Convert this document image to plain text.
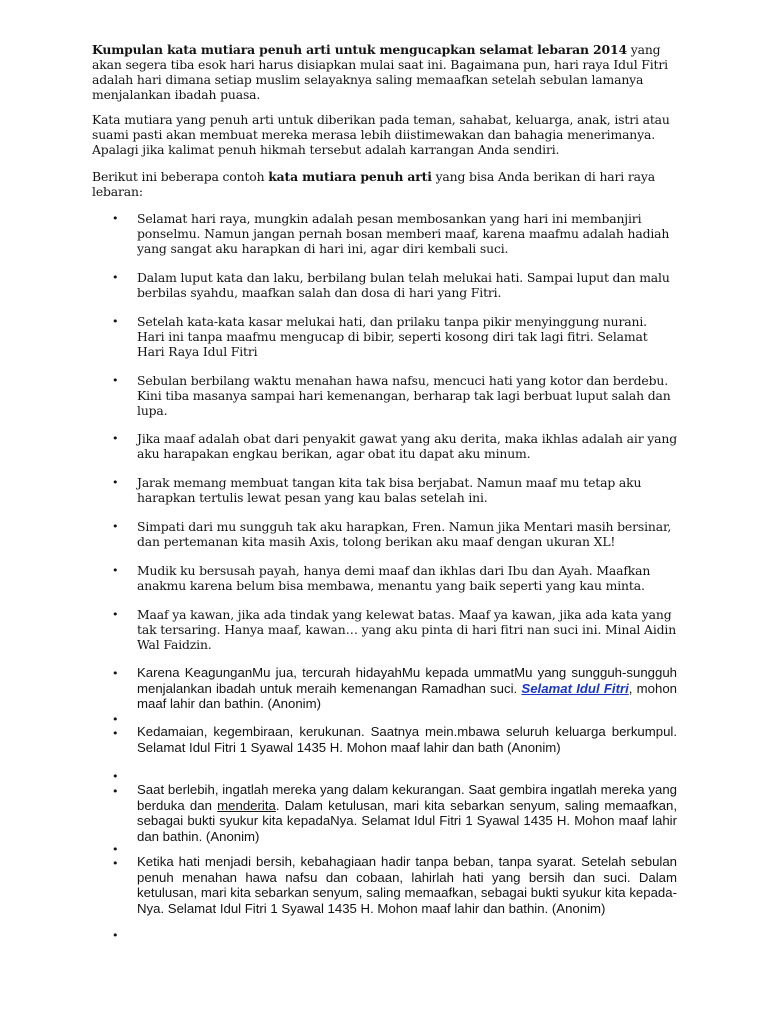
Kumpulan kata mutiara penuh arti untuk mengucapkan selamat lebaran 2014 yang akan segera tiba esok hari harus disiapkan mulai saat ini. Bagaimana pun, hari raya Idul Fitri adalah hari dimana setiap muslim selayaknya saling memaafkan setelah sebulan lamanya menjalankan ibadah puasa.

Kata mutiara yang penuh arti untuk diberikan pada teman, sahabat, keluarga, anak, istri atau suami pasti akan membuat mereka merasa lebih diistimewakan dan bahagia menerimanya. Apalagi jika kalimat penuh hikmah tersebut adalah karrangan Anda sendiri.

Berikut ini beberapa contoh kata mutiara penuh arti yang bisa Anda berikan di hari raya lebaran:

•	Selamat hari raya, mungkin adalah pesan membosankan yang hari ini membanjiri ponselmu. Namun jangan pernah bosan memberi maaf, karena maafmu adalah hadiah yang sangat aku harapkan di hari ini, agar diri kembali suci.

•	Dalam luput kata dan laku, berbilang bulan telah melukai hati. Sampai luput dan malu berbilas syahdu, maafkan salah dan dosa di hari yang Fitri.

•	Setelah kata-kata kasar melukai hati, dan prilaku tanpa pikir menyinggung nurani. Hari ini tanpa maafmu mengucap di bibir, seperti kosong diri tak lagi fitri. Selamat Hari Raya Idul Fitri

•	Sebulan berbilang waktu menahan hawa nafsu, mencuci hati yang kotor dan berdebu. Kini tiba masanya sampai hari kemenangan, berharap tak lagi berbuat luput salah dan lupa.

•	Jika maaf adalah obat dari penyakit gawat yang aku derita, maka ikhlas adalah air yang aku harapakan engkau berikan, agar obat itu dapat aku minum.

•	Jarak memang membuat tangan kita tak bisa berjabat. Namun maaf mu tetap aku harapkan tertulis lewat pesan yang kau balas setelah ini.

•	Simpati dari mu sungguh tak aku harapkan, Fren. Namun jika Mentari masih bersinar, dan pertemanan kita masih Axis, tolong berikan aku maaf dengan ukuran XL!

•	Mudik ku bersusah payah, hanya demi maaf dan ikhlas dari Ibu dan Ayah. Maafkan anakmu karena belum bisa membawa, menantu yang baik seperti yang kau minta.

•	Maaf ya kawan, jika ada tindak yang kelewat batas. Maaf ya kawan, jika ada kata yang tak tersaring. Hanya maaf, kawan… yang aku pinta di hari fitri nan suci ini. Minal Aidin Wal Faidzin.

•	Karena KeagunganMu jua, tercurah hidayahMu kepada ummatMu yang sungguh-sungguh menjalankan ibadah untuk meraih kemenangan Ramadhan suci. Selamat Idul Fitri, mohon maaf lahir dan bathin. (Anonim)

•
•	Kedamaian, kegembiraan, kerukunan. Saatnya mein.mbawa seluruh keluarga berkumpul. Selamat Idul Fitri 1 Syawal 1435 H. Mohon maaf lahir dan bath (Anonim)

•
•	Saat berlebih, ingatlah mereka yang dalam kekurangan. Saat gembira ingatlah mereka yang berduka dan menderita. Dalam ketulusan, mari kita sebarkan senyum, saling memaafkan, sebagai bukti syukur kita kepadaNya. Selamat Idul Fitri 1 Syawal 1435 H. Mohon maaf lahir dan bathin. (Anonim)

•
•	Ketika hati menjadi bersih, kebahagiaan hadir tanpa beban, tanpa syarat. Setelah sebulan penuh menahan hawa nafsu dan cobaan, lahirlah hati yang bersih dan suci. Dalam ketulusan, mari kita sebarkan senyum, saling memaafkan, sebagai bukti syukur kita kepada-Nya. Selamat Idul Fitri 1 Syawal 1435 H. Mohon maaf lahir dan bathin. (Anonim)

•
